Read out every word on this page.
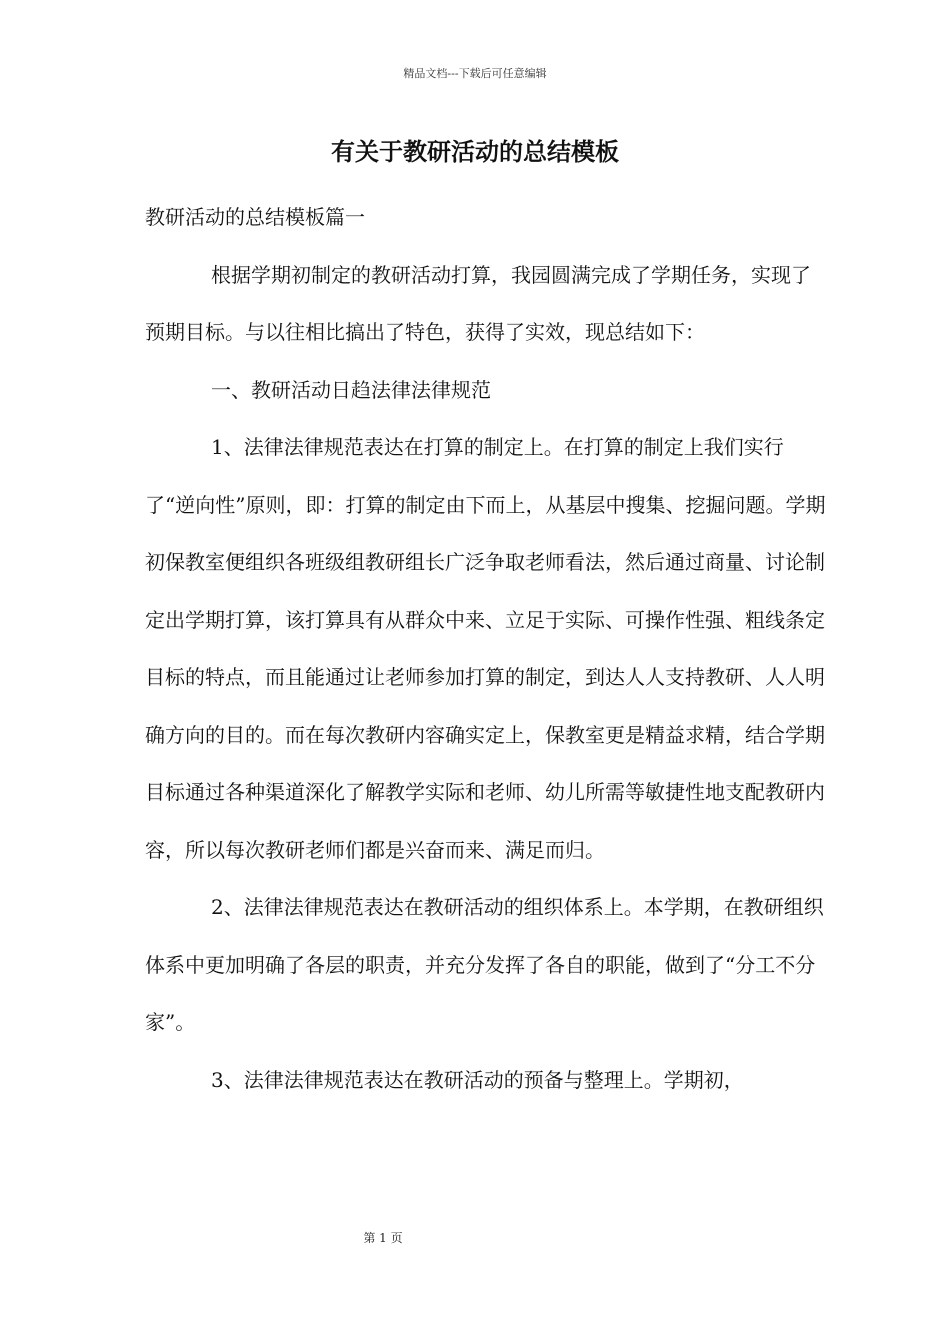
精品文档---下载后可任意编辑
有关于教研活动的总结模板

教研活动的总结模板篇一

根据学期初制定的教研活动打算，我园圆满完成了学期任务，实现了预期目标。与以往相比搞出了特色，获得了实效，现总结如下：

一、教研活动日趋法律法律规范

1、法律法律规范表达在打算的制定上。在打算的制定上我们实行了“逆向性”原则，即：打算的制定由下而上，从基层中搜集、挖掘问题。学期初保教室便组织各班级组教研组长广泛争取老师看法，然后通过商量、讨论制定出学期打算，该打算具有从群众中来、立足于实际、可操作性强、粗线条定目标的特点，而且能通过让老师参加打算的制定，到达人人支持教研、人人明确方向的目的。而在每次教研内容确实定上，保教室更是精益求精，结合学期目标通过各种渠道深化了解教学实际和老师、幼儿所需等敏捷性地支配教研内容，所以每次教研老师们都是兴奋而来、满足而归。

2、法律法律规范表达在教研活动的组织体系上。本学期，在教研组织体系中更加明确了各层的职责，并充分发挥了各自的职能，做到了“分工不分家”。

3、法律法律规范表达在教研活动的预备与整理上。学期初，

第 1 页
